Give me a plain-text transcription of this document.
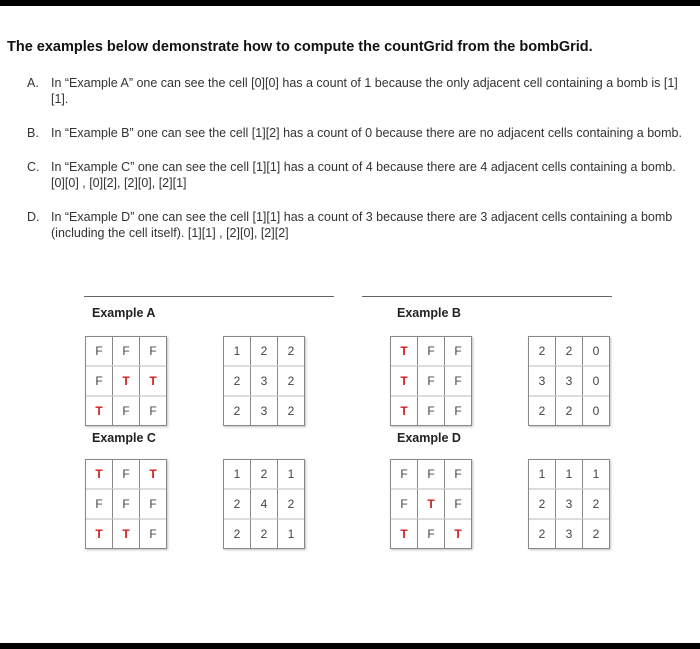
The examples below demonstrate how to compute the countGrid from the bombGrid.
A. In “Example A” one can see the cell [0][0] has a count of 1 because the only adjacent cell containing a bomb is [1][1].
B. In “Example B” one can see the cell [1][2] has a count of 0 because there are no adjacent cells containing a bomb.
C. In “Example C” one can see the cell [1][1] has a count of 4 because there are 4 adjacent cells containing a bomb. [0][0] , [0][2], [2][0], [2][1]
D. In “Example D” one can see the cell [1][1] has a count of 3 because there are 3 adjacent cells containing a bomb (including the cell itself). [1][1] , [2][0], [2][2]
Example A
F	F	F
F	T	T
T	F	F
1	2	2
2	3	2
2	3	2
Example B
T	F	F
T	F	F
T	F	F
2	2	0
3	3	0
2	2	0
Example C
T	F	T
F	F	F
T	T	F
1	2	1
2	4	2
2	2	1
Example D
F	F	F
F	T	F
T	F	T
1	1	1
2	3	2
2	3	2
